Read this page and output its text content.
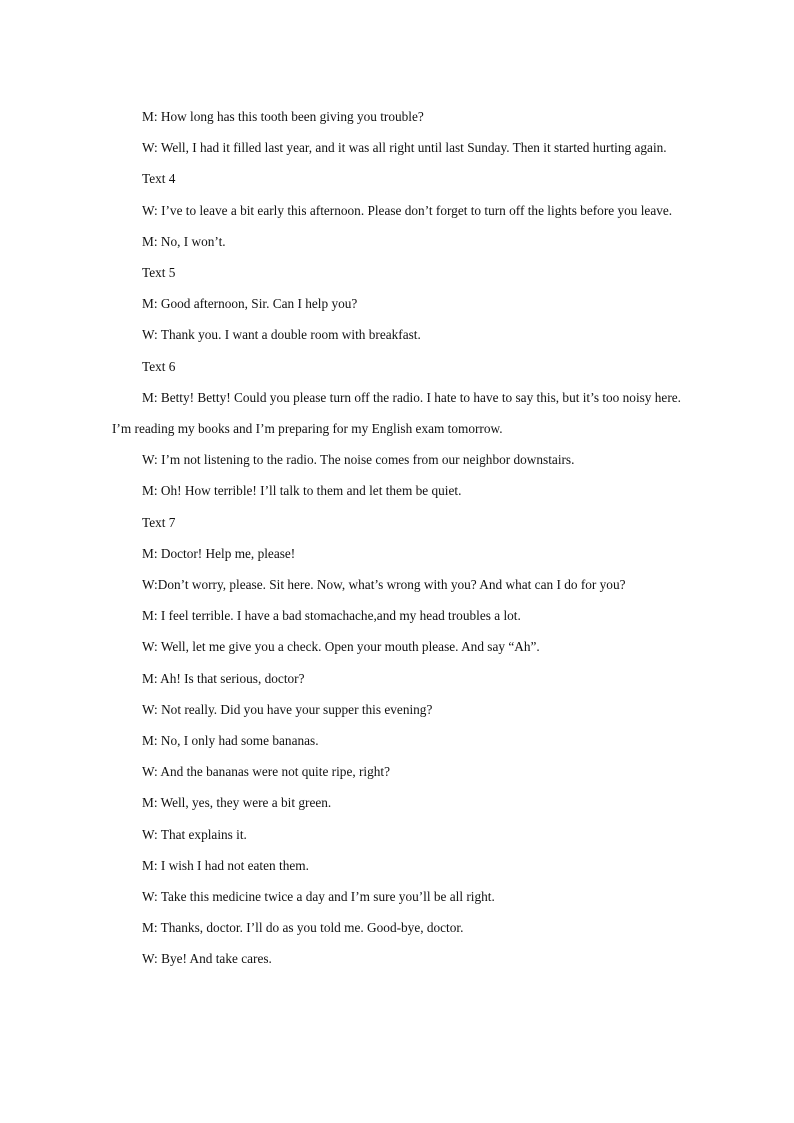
M: How long has this tooth been giving you trouble?

W: Well, I had it filled last year, and it was all right until last Sunday. Then it started hurting again.

Text 4

W: I’ve to leave a bit early this afternoon. Please don’t forget to turn off the lights before you leave.

M: No, I won’t.

Text 5

M: Good afternoon, Sir. Can I help you?

W: Thank you. I want a double room with breakfast.

Text 6

M: Betty! Betty! Could you please turn off the radio. I hate to have to say this, but it’s too noisy here. I’m reading my books and I’m preparing for my English exam tomorrow.

W: I’m not listening to the radio. The noise comes from our neighbor downstairs.

M: Oh! How terrible! I’ll talk to them and let them be quiet.

Text 7

M: Doctor! Help me, please!

W:Don’t worry, please. Sit here. Now, what’s wrong with you? And what can I do for you?

M: I feel terrible. I have a bad stomachache,and my head troubles a lot.

W: Well, let me give you a check. Open your mouth please. And say “Ah”.

M: Ah! Is that serious, doctor?

W: Not really. Did you have your supper this evening?

M: No, I only had some bananas.

W: And the bananas were not quite ripe, right?

M: Well, yes, they were a bit green.

W: That explains it.

M: I wish I had not eaten them.

W: Take this medicine twice a day and I’m sure you’ll be all right.

M: Thanks, doctor. I’ll do as you told me. Good-bye, doctor.

W: Bye! And take cares.
